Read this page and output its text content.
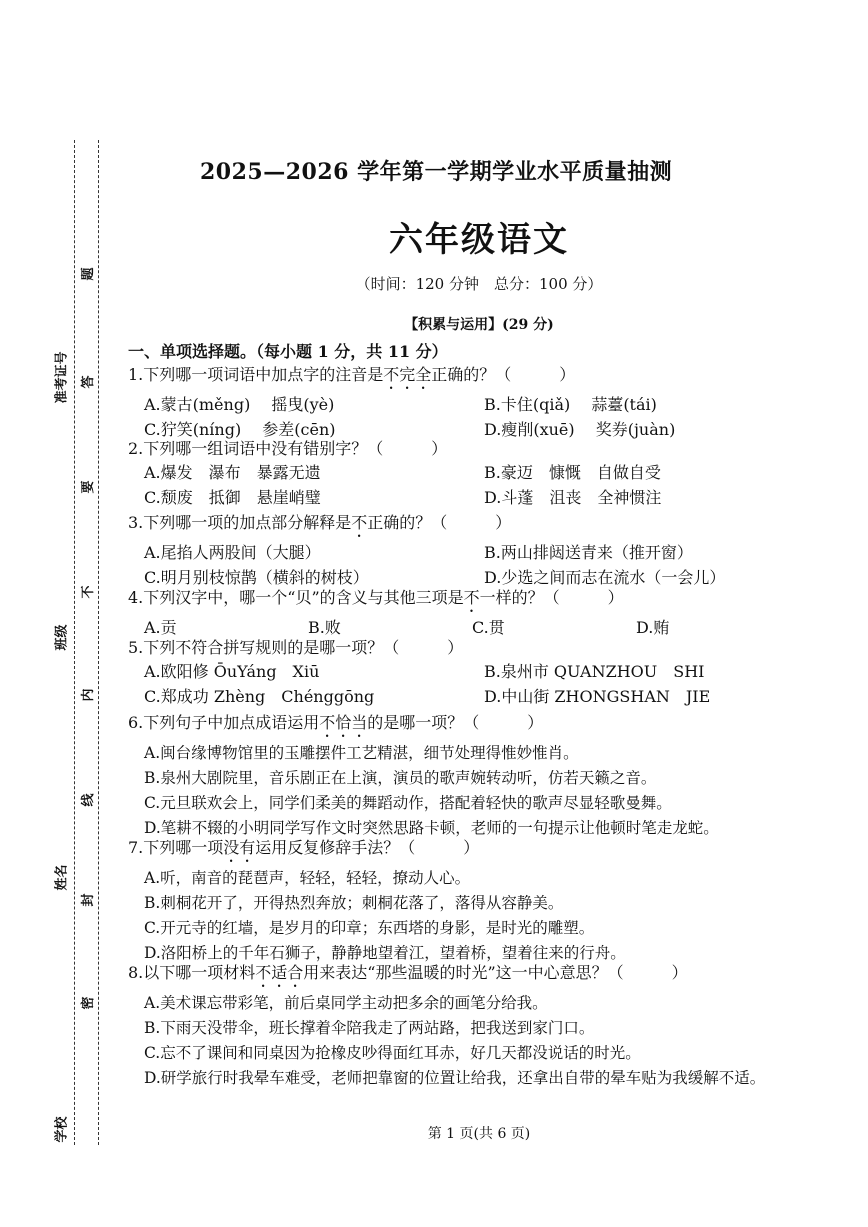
题
答
要
不
内
线
封
密
准考证号
班级
姓名
学校
2025—2026 学年第一学期学业水平质量抽测
六年级语文
（时间：120 分钟　总分：100 分）
【积累与运用】(29 分)
一、单项选择题。（每小题 1 分，共 11 分）
1.下列哪一项词语中加点字的注音是不完全正确的？（　　　）
A.蒙古(měng)　 摇曳(yè)	B.卡住(qiǎ)　 蒜薹(tái)
C.狞笑(níng)　 参差(cēn)	D.瘦削(xuē)　 奖券(juàn)
2.下列哪一组词语中没有错别字？（　　　）
A.爆发　瀑布　暴露无遗	B.豪迈　慷慨　自做自受
C.颓废　抵御　悬崖峭璧	D.斗蓬　沮丧　全神惯注
3.下列哪一项的加点部分解释是不正确的？（　　　）
A.尾掐人两股间（大腿）	B.两山排闼送青来（推开窗）
C.明月别枝惊鹊（横斜的树枝）	D.少选之间而志在流水（一会儿）
4.下列汉字中，哪一个“贝”的含义与其他三项是不一样的？（　　　）
A.贡	B.败	C.贯	D.贿
5.下列不符合拼写规则的是哪一项？（　　　）
A.欧阳修 ŌuYáng　Xiū	B.泉州市 QUANZHOU　SHI
C.郑成功 Zhèng　Chénggōng	D.中山街 ZHONGSHAN　JIE
6.下列句子中加点成语运用不恰当的是哪一项？（　　　）
A.闽台缘博物馆里的玉雕摆件工艺精湛，细节处理得惟妙惟肖。
B.泉州大剧院里，音乐剧正在上演，演员的歌声婉转动听，仿若天籁之音。
C.元旦联欢会上，同学们柔美的舞蹈动作，搭配着轻快的歌声尽显轻歌曼舞。
D.笔耕不辍的小明同学写作文时突然思路卡顿，老师的一句提示让他顿时笔走龙蛇。
7.下列哪一项没有运用反复修辞手法？（　　　）
A.听，南音的琵琶声，轻轻，轻轻，撩动人心。
B.刺桐花开了，开得热烈奔放；刺桐花落了，落得从容静美。
C.开元寺的红墙，是岁月的印章；东西塔的身影，是时光的雕塑。
D.洛阳桥上的千年石狮子，静静地望着江，望着桥，望着往来的行舟。
8.以下哪一项材料不适合用来表达“那些温暖的时光”这一中心意思？（　　　）
A.美术课忘带彩笔，前后桌同学主动把多余的画笔分给我。
B.下雨天没带伞，班长撑着伞陪我走了两站路，把我送到家门口。
C.忘不了课间和同桌因为抢橡皮吵得面红耳赤，好几天都没说话的时光。
D.研学旅行时我晕车难受，老师把靠窗的位置让给我，还拿出自带的晕车贴为我缓解不适。
第 1 页(共 6 页)
